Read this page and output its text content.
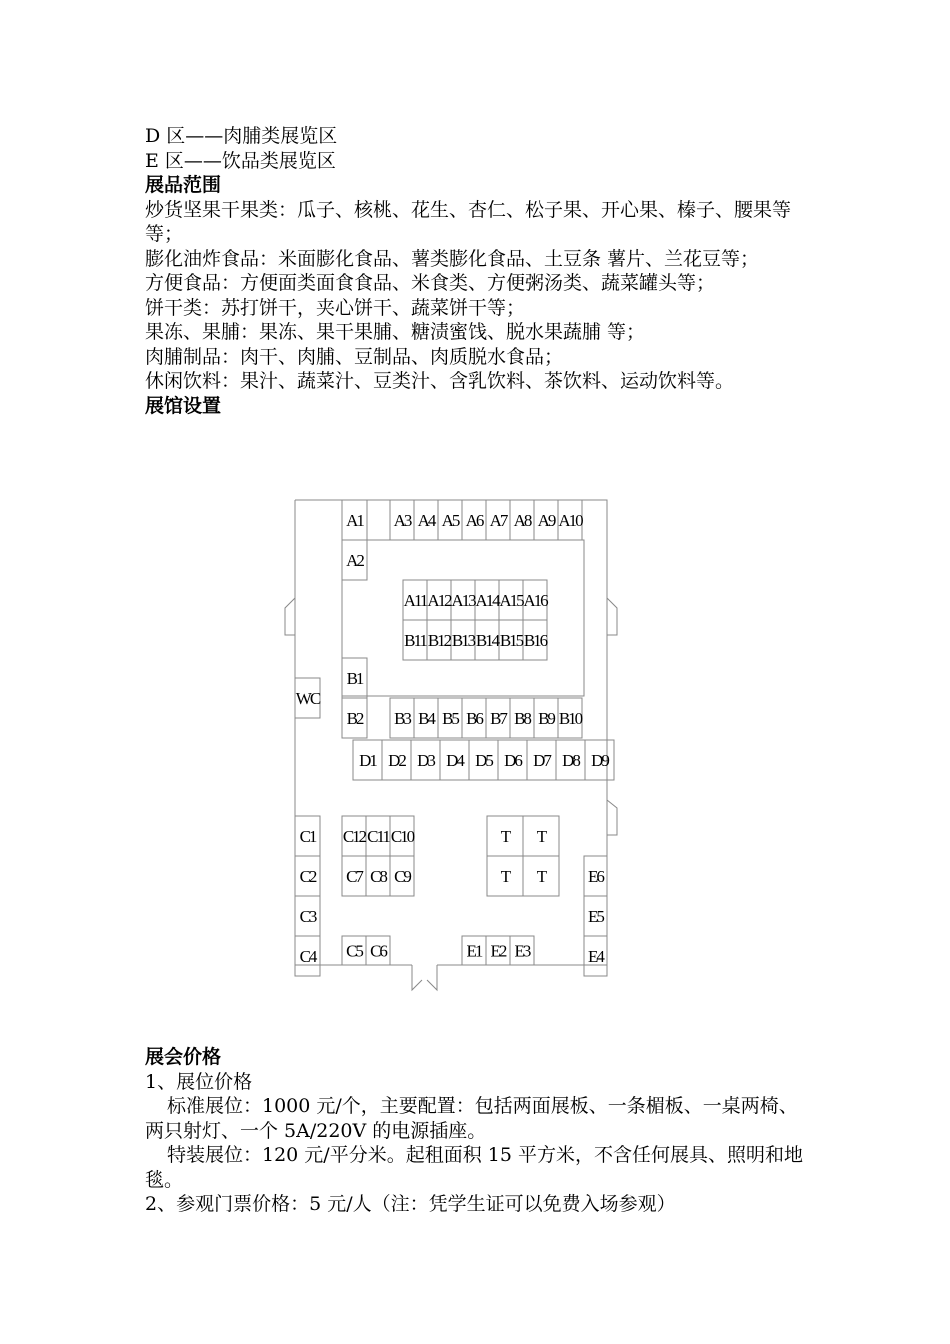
D 区——肉脯类展览区

E 区——饮品类展览区

展品范围

炒货坚果干果类：瓜子、核桃、花生、杏仁、松子果、开心果、榛子、腰果等等；

膨化油炸食品：米面膨化食品、薯类膨化食品、土豆条 薯片、兰花豆等；

方便食品：方便面类面食食品、米食类、方便粥汤类、蔬菜罐头等；

饼干类：苏打饼干，夹心饼干、蔬菜饼干等；

果冻、果脯：果冻、果干果脯、糖渍蜜饯、脱水果蔬脯 等；

肉脯制品：肉干、肉脯、豆制品、肉质脱水食品；

休闲饮料：果汁、蔬菜汁、豆类汁、含乳饮料、茶饮料、运动饮料等。

展馆设置

A1 A3 A4 A5 A6 A7 A8 A9 A10
A2
A11 A12 A13 A14 A15 A16
B11 B12 B13 B14 B15 B16
B1
WC
B2 B3 B4 B5 B6 B7 B8 B9 B10
D1 D2 D3 D4 D5 D6 D7 D8 D9
C1
C2
C3
C4
C12 C11 C10
C7 C8 C9
C5 C6
T T
T T
E1 E2 E3
E6
E5
E4

展会价格

1、展位价格

标准展位：1000 元/个，主要配置：包括两面展板、一条楣板、一桌两椅、两只射灯、一个 5A/220V 的电源插座。

特装展位：120 元/平分米。起租面积 15 平方米，不含任何展具、照明和地毯。

2、参观门票价格：5 元/人（注：凭学生证可以免费入场参观）
